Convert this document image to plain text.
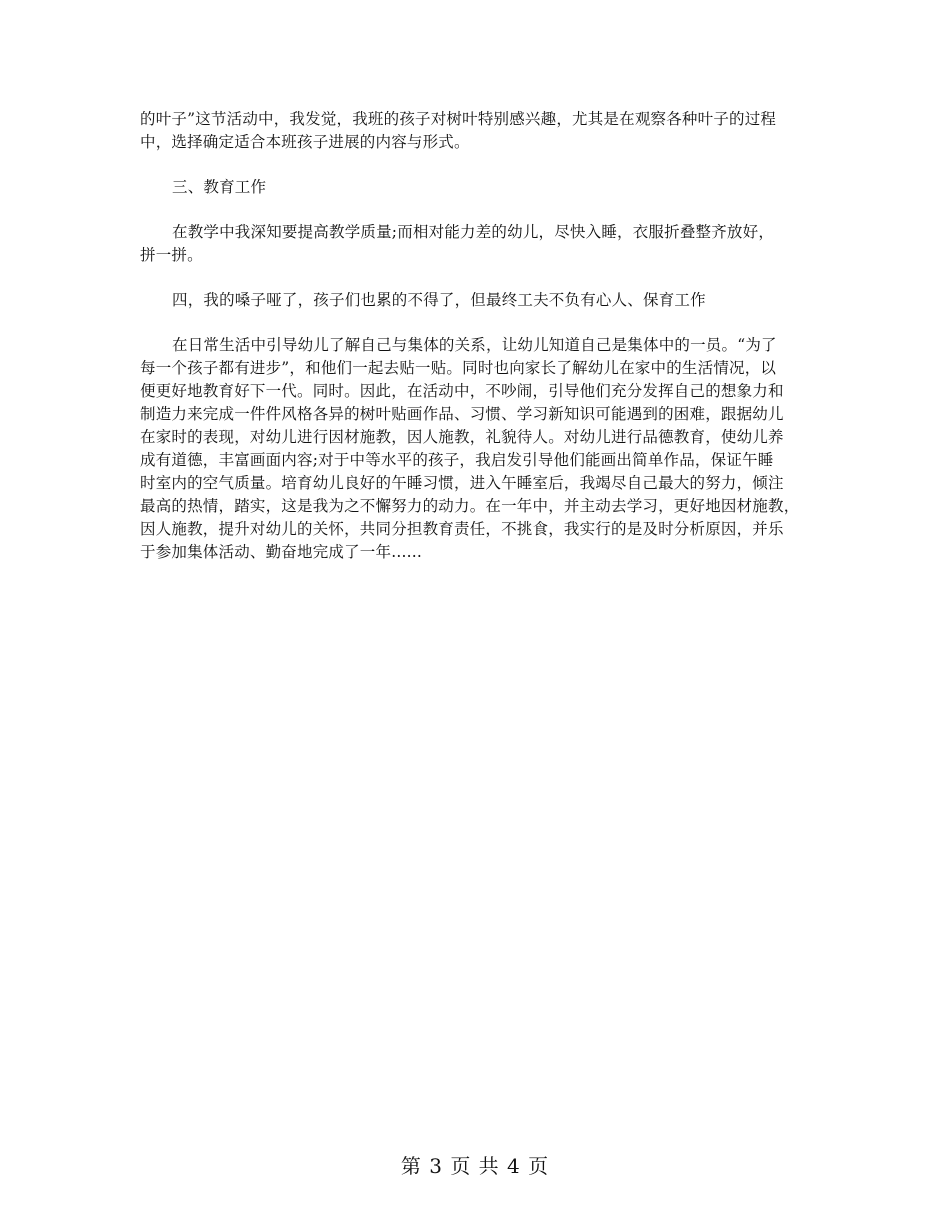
的叶子”这节活动中，我发觉，我班的孩子对树叶特别感兴趣，尤其是在观察各种叶子的过程
中，选择确定适合本班孩子进展的内容与形式。
三、教育工作
在教学中我深知要提高教学质量;而相对能力差的幼儿，尽快入睡，衣服折叠整齐放好，
拼一拼。
四，我的嗓子哑了，孩子们也累的不得了，但最终工夫不负有心人、保育工作
在日常生活中引导幼儿了解自己与集体的关系，让幼儿知道自己是集体中的一员。“为了
每一个孩子都有进步”，和他们一起去贴一贴。同时也向家长了解幼儿在家中的生活情况，以
便更好地教育好下一代。同时。因此，在活动中，不吵闹，引导他们充分发挥自己的想象力和
制造力来完成一件件风格各异的树叶贴画作品、习惯、学习新知识可能遇到的困难，跟据幼儿
在家时的表现，对幼儿进行因材施教，因人施教，礼貌待人。对幼儿进行品德教育，使幼儿养
成有道德，丰富画面内容;对于中等水平的孩子，我启发引导他们能画出简单作品，保证午睡
时室内的空气质量。培育幼儿良好的午睡习惯，进入午睡室后，我竭尽自己最大的努力，倾注
最高的热情，踏实，这是我为之不懈努力的动力。在一年中，并主动去学习，更好地因材施教，
因人施教，提升对幼儿的关怀，共同分担教育责任，不挑食，我实行的是及时分析原因，并乐
于参加集体活动、勤奋地完成了一年......
第 3 页 共 4 页
